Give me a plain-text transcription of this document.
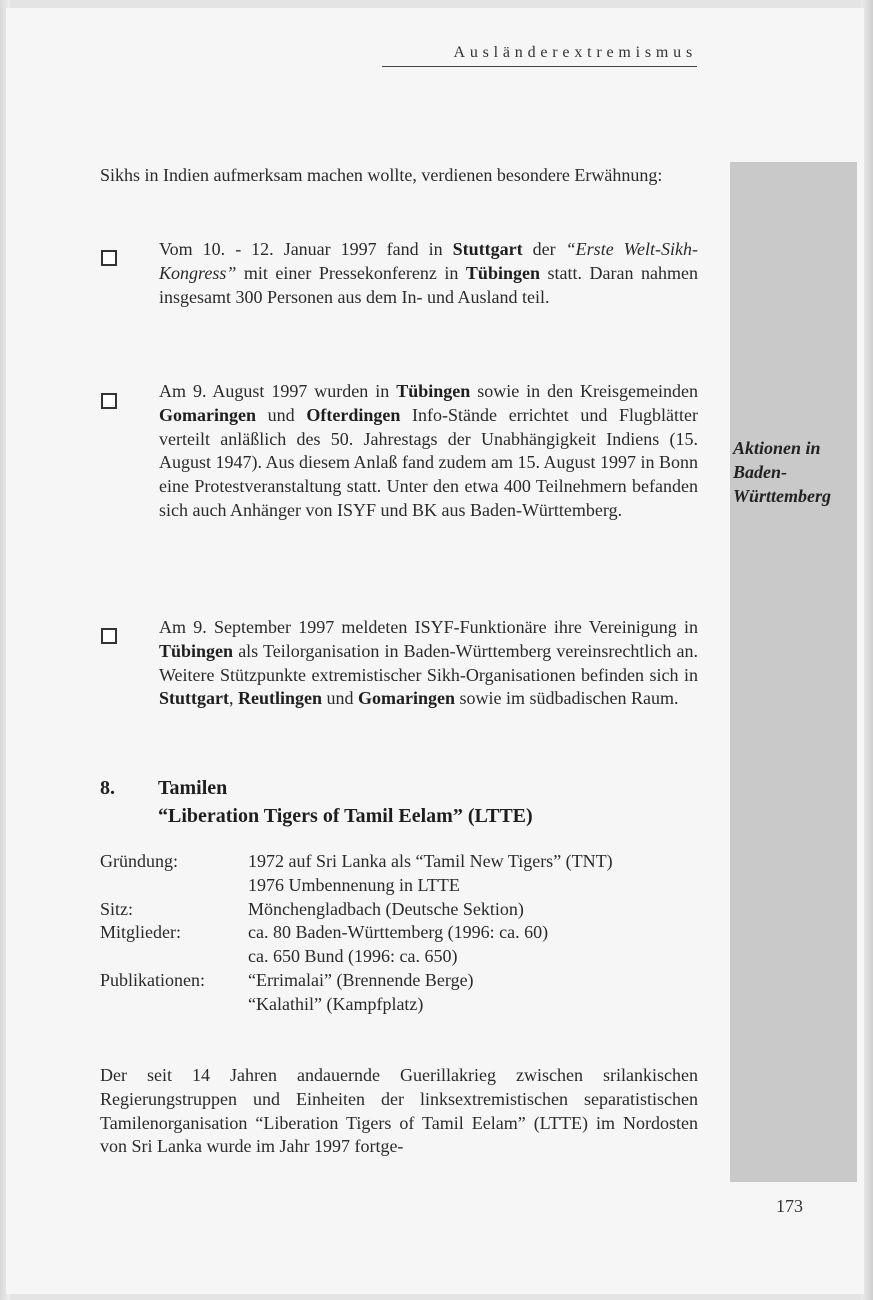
Ausländerextremismus
Sikhs in Indien aufmerksam machen wollte, verdienen besondere Erwähnung:
Vom 10. - 12. Januar 1997 fand in Stuttgart der “Erste Welt-Sikh-Kongress” mit einer Pressekonferenz in Tübingen statt. Daran nahmen insgesamt 300 Personen aus dem In- und Ausland teil.
Am 9. August 1997 wurden in Tübingen sowie in den Kreisgemeinden Gomaringen und Ofterdingen Info-Stände errichtet und Flugblätter verteilt anläßlich des 50. Jahrestags der Unabhängigkeit Indiens (15. August 1947). Aus diesem Anlaß fand zudem am 15. August 1997 in Bonn eine Protestveranstaltung statt. Unter den etwa 400 Teilnehmern befanden sich auch Anhänger von ISYF und BK aus Baden-Württemberg.
Am 9. September 1997 meldeten ISYF-Funktionäre ihre Vereinigung in Tübingen als Teilorganisation in Baden-Württemberg vereinsrechtlich an. Weitere Stützpunkte extremistischer Sikh-Organisationen befinden sich in Stuttgart, Reutlingen und Gomaringen sowie im südbadischen Raum.
Aktionen in
Baden-
Württemberg
8. Tamilen
“Liberation Tigers of Tamil Eelam” (LTTE)
Gründung:	1972 auf Sri Lanka als “Tamil New Tigers” (TNT)
1976 Umbennenung in LTTE
Sitz:	Mönchengladbach (Deutsche Sektion)
Mitglieder:	ca. 80 Baden-Württemberg (1996: ca. 60)
ca. 650 Bund (1996: ca. 650)
Publikationen:	“Errimalai” (Brennende Berge)
“Kalathil” (Kampfplatz)
Der seit 14 Jahren andauernde Guerillakrieg zwischen srilankischen Regierungstruppen und Einheiten der linksextremistischen separatistischen Tamilenorganisation “Liberation Tigers of Tamil Eelam” (LTTE) im Nordosten von Sri Lanka wurde im Jahr 1997 fortge-
173
